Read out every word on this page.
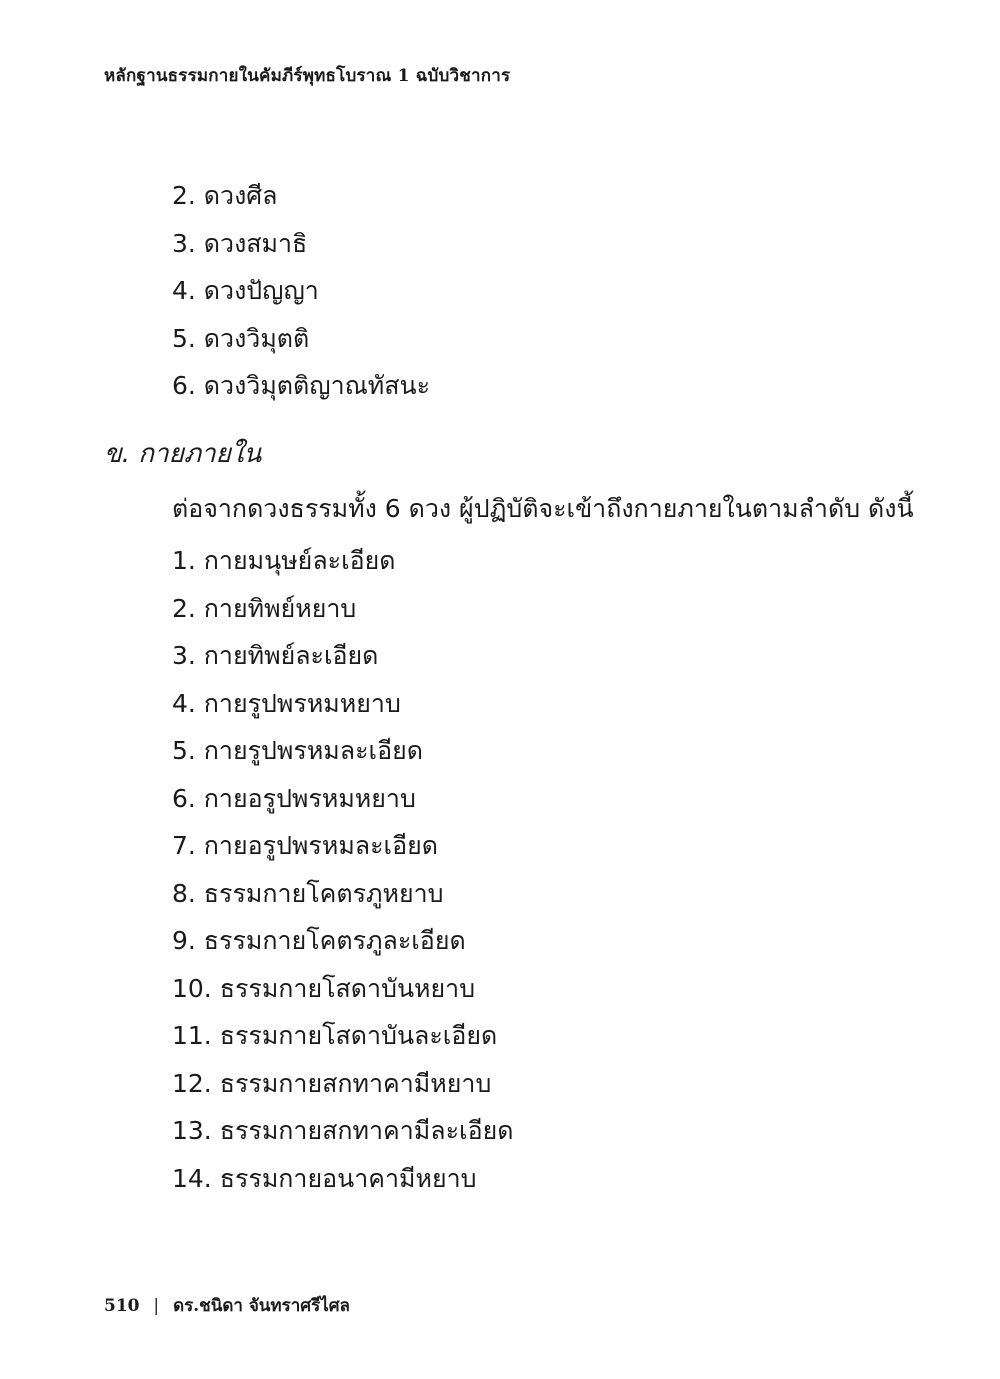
หลักฐานธรรมกายในคัมภีร์พุทธโบราณ 1 ฉบับวิชาการ
2. ดวงศีล
3. ดวงสมาธิ
4. ดวงปัญญา
5. ดวงวิมุตติ
6. ดวงวิมุตติญาณทัสนะ
ข. กายภายใน
ต่อจากดวงธรรมทั้ง 6 ดวง ผู้ปฏิบัติจะเข้าถึงกายภายในตามลำดับ ดังนี้
1. กายมนุษย์ละเอียด
2. กายทิพย์หยาบ
3. กายทิพย์ละเอียด
4. กายรูปพรหมหยาบ
5. กายรูปพรหมละเอียด
6. กายอรูปพรหมหยาบ
7. กายอรูปพรหมละเอียด
8. ธรรมกายโคตรภูหยาบ
9. ธรรมกายโคตรภูละเอียด
10. ธรรมกายโสดาบันหยาบ
11. ธรรมกายโสดาบันละเอียด
12. ธรรมกายสกทาคามีหยาบ
13. ธรรมกายสกทาคามีละเอียด
14. ธรรมกายอนาคามีหยาบ
510 | ดร.ชนิดา จันทราศรีไศล
